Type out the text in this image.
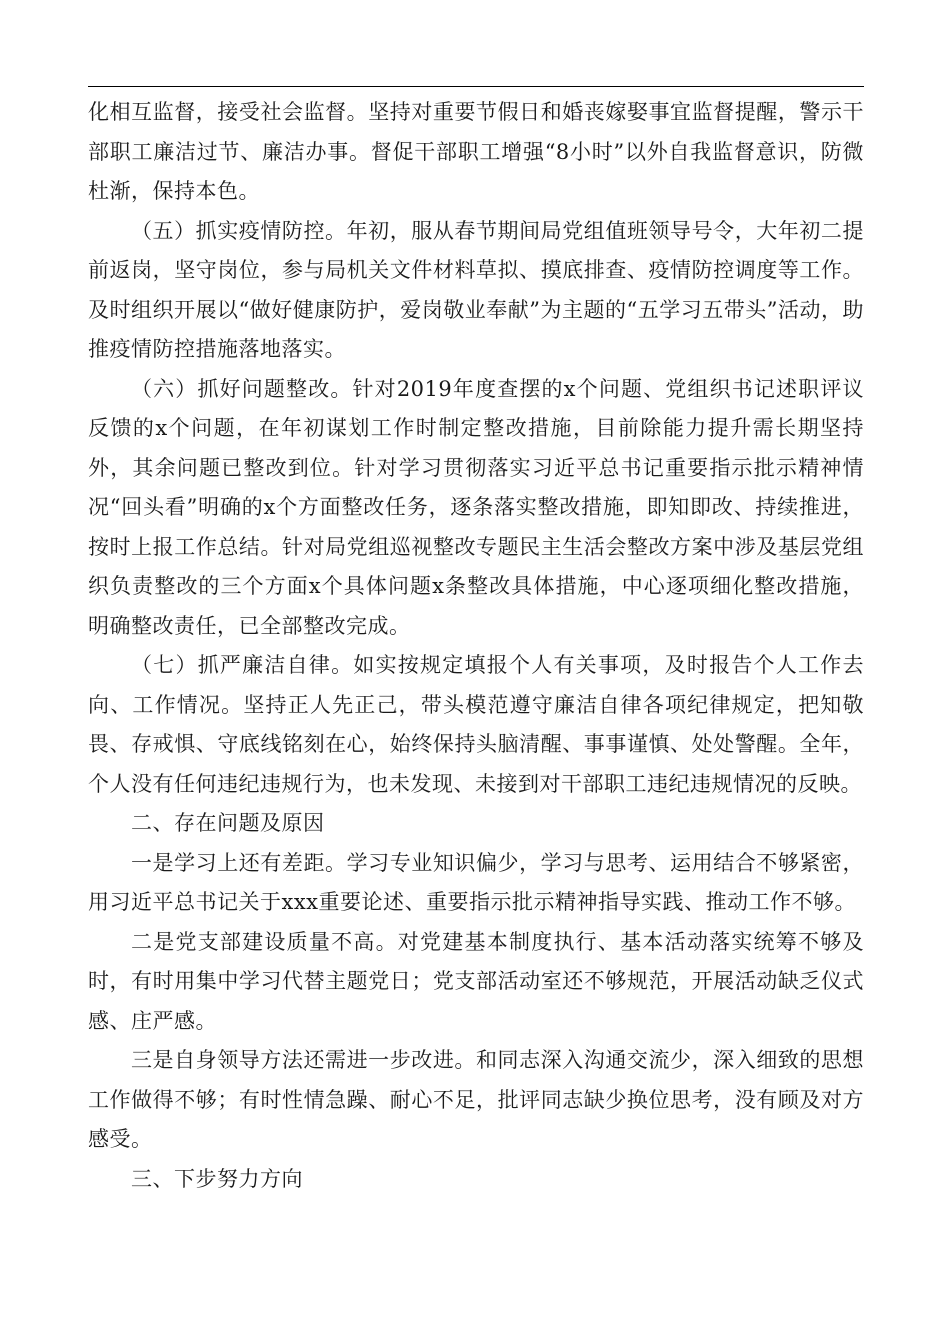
化相互监督，接受社会监督。坚持对重要节假日和婚丧嫁娶事宜监督提醒，警示干部职工廉洁过节、廉洁办事。督促干部职工增强“8小时”以外自我监督意识，防微杜渐，保持本色。

（五）抓实疫情防控。年初，服从春节期间局党组值班领导号令，大年初二提前返岗，坚守岗位，参与局机关文件材料草拟、摸底排查、疫情防控调度等工作。及时组织开展以“做好健康防护，爱岗敬业奉献”为主题的“五学习五带头”活动，助推疫情防控措施落地落实。

（六）抓好问题整改。针对2019年度查摆的x个问题、党组织书记述职评议反馈的x个问题，在年初谋划工作时制定整改措施，目前除能力提升需长期坚持外，其余问题已整改到位。针对学习贯彻落实习近平总书记重要指示批示精神情况“回头看”明确的x个方面整改任务，逐条落实整改措施，即知即改、持续推进，按时上报工作总结。针对局党组巡视整改专题民主生活会整改方案中涉及基层党组织负责整改的三个方面x个具体问题x条整改具体措施，中心逐项细化整改措施，明确整改责任，已全部整改完成。

（七）抓严廉洁自律。如实按规定填报个人有关事项，及时报告个人工作去向、工作情况。坚持正人先正己，带头模范遵守廉洁自律各项纪律规定，把知敬畏、存戒惧、守底线铭刻在心，始终保持头脑清醒、事事谨慎、处处警醒。全年，个人没有任何违纪违规行为，也未发现、未接到对干部职工违纪违规情况的反映。

二、存在问题及原因

一是学习上还有差距。学习专业知识偏少，学习与思考、运用结合不够紧密，用习近平总书记关于xxx重要论述、重要指示批示精神指导实践、推动工作不够。

二是党支部建设质量不高。对党建基本制度执行、基本活动落实统筹不够及时，有时用集中学习代替主题党日；党支部活动室还不够规范，开展活动缺乏仪式感、庄严感。

三是自身领导方法还需进一步改进。和同志深入沟通交流少，深入细致的思想工作做得不够；有时性情急躁、耐心不足，批评同志缺少换位思考，没有顾及对方感受。

三、下步努力方向
